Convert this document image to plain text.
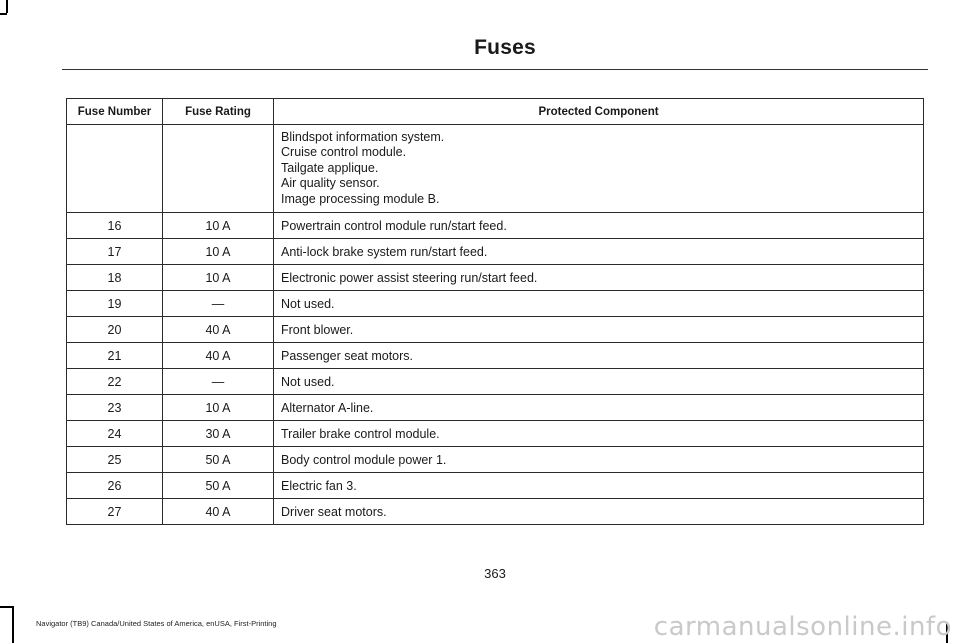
Fuses
Fuse Number	Fuse Rating	Protected Component

		Blindspot information system.
Cruise control module.
Tailgate applique.
Air quality sensor.
Image processing module B.

16	10 A	Powertrain control module run/start feed.
17	10 A	Anti-lock brake system run/start feed.
18	10 A	Electronic power assist steering run/start feed.
19	—	Not used.
20	40 A	Front blower.
21	40 A	Passenger seat motors.
22	—	Not used.
23	10 A	Alternator A-line.
24	30 A	Trailer brake control module.
25	50 A	Body control module power 1.
26	50 A	Electric fan 3.
27	40 A	Driver seat motors.
363
Navigator (TB9) Canada/United States of America, enUSA, First-Printing	carmanualsonline.info
